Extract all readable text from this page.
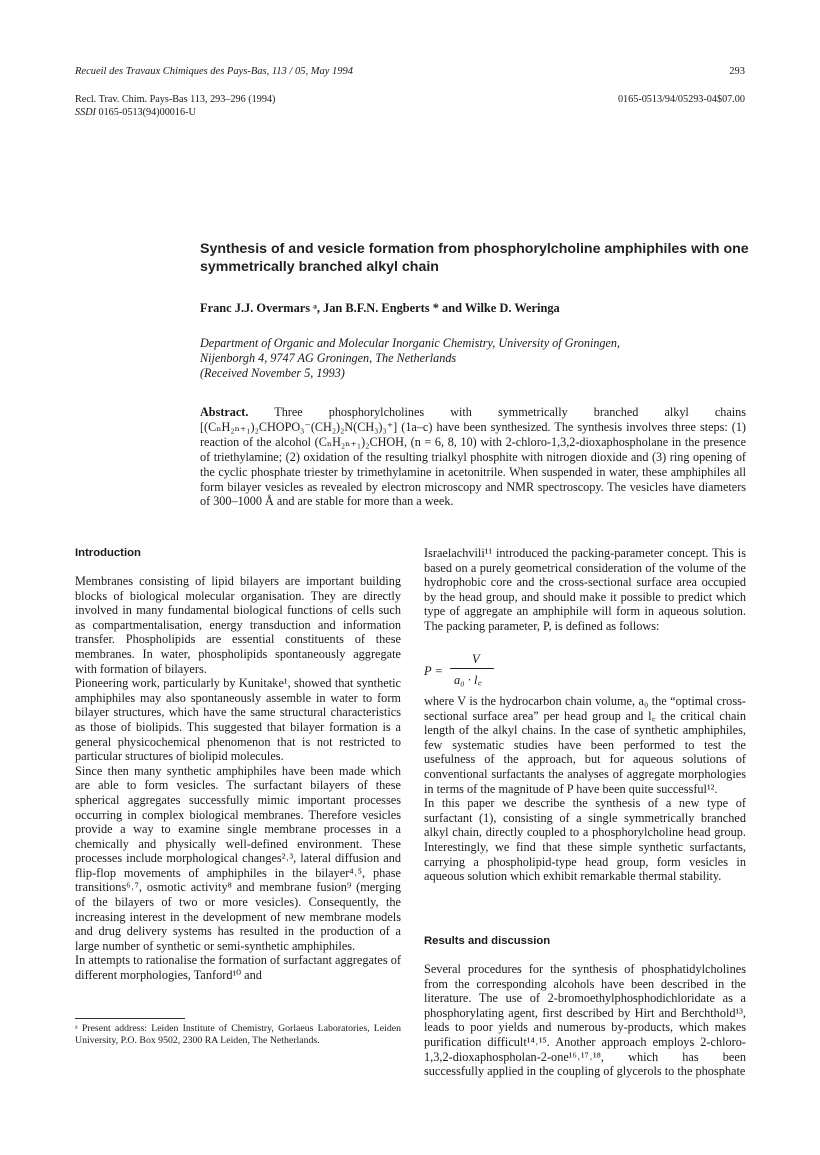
Recueil des Travaux Chimiques des Pays-Bas, 113 / 05, May 1994	293
Recl. Trav. Chim. Pays-Bas 113, 293–296 (1994)
SSDI 0165-0513(94)00016-U
0165-0513/94/05293-04$07.00
Synthesis of and vesicle formation from phosphorylcholine amphiphiles with one symmetrically branched alkyl chain
Franc J.J. Overmars ᵃ, Jan B.F.N. Engberts * and Wilke D. Weringa
Department of Organic and Molecular Inorganic Chemistry, University of Groningen,
Nijenborgh 4, 9747 AG Groningen, The Netherlands
(Received November 5, 1993)
Abstract. Three phosphorylcholines with symmetrically branched alkyl chains [(CₙH₂ₙ₊₁)₂CHOPO₃⁻(CH₂)₂N(CH₃)₃⁺] (1a–c) have been synthesized. The synthesis involves three steps: (1) reaction of the alcohol (CₙH₂ₙ₊₁)₂CHOH, (n = 6, 8, 10) with 2-chloro-1,3,2-dioxaphospholane in the presence of triethylamine; (2) oxidation of the resulting trialkyl phosphite with nitrogen dioxide and (3) ring opening of the cyclic phosphate triester by trimethylamine in acetonitrile. When suspended in water, these amphiphiles all form bilayer vesicles as revealed by electron microscopy and NMR spectroscopy. The vesicles have diameters of 300–1000 Å and are stable for more than a week.
Introduction

Membranes consisting of lipid bilayers are important building blocks of biological molecular organisation. They are directly involved in many fundamental biological functions of cells such as compartmentalisation, energy transduction and information transfer. Phospholipids are essential constituents of these membranes. In water, phospholipids spontaneously aggregate with formation of bilayers.

Pioneering work, particularly by Kunitake¹, showed that synthetic amphiphiles may also spontaneously assemble in water to form bilayer structures, which have the same structural characteristics as those of biolipids. This suggested that bilayer formation is a general physicochemical phenomenon that is not restricted to particular structures of biolipid molecules.

Since then many synthetic amphiphiles have been made which are able to form vesicles. The surfactant bilayers of these spherical aggregates successfully mimic important processes occurring in complex biological membranes. Therefore vesicles provide a way to examine single membrane processes in a chemically and physically well-defined environment. These processes include morphological changes²˒³, lateral diffusion and flip-flop movements of amphiphiles in the bilayer⁴˒⁵, phase transitions⁶˒⁷, osmotic activity⁸ and membrane fusion⁹ (merging of the bilayers of two or more vesicles). Consequently, the increasing interest in the development of new membrane models and drug delivery systems has resulted in the production of a large number of synthetic or semi-synthetic amphiphiles.

In attempts to rationalise the formation of surfactant aggregates of different morphologies, Tanford¹⁰ and

ᵃ Present address: Leiden Institute of Chemistry, Gorlaeus Laboratories, Leiden University, P.O. Box 9502, 2300 RA Leiden, The Netherlands.

Israelachvili¹¹ introduced the packing-parameter concept. This is based on a purely geometrical consideration of the volume of the hydrophobic core and the cross-sectional surface area occupied by the head group, and should make it possible to predict which type of aggregate an amphiphile will form in aqueous solution. The packing parameter, P, is defined as follows:

P =
V
a₀ · l꜀

where V is the hydrocarbon chain volume, a₀ the “optimal cross-sectional surface area” per head group and l꜀ the critical chain length of the alkyl chains. In the case of synthetic amphiphiles, few systematic studies have been performed to test the usefulness of the approach, but for aqueous solutions of conventional surfactants the analyses of aggregate morphologies in terms of the magnitude of P have been quite successful¹².

In this paper we describe the synthesis of a new type of surfactant (1), consisting of a single symmetrically branched alkyl chain, directly coupled to a phosphorylcholine head group. Interestingly, we find that these simple synthetic surfactants, carrying a phospholipid-type head group, form vesicles in aqueous solution which exhibit remarkable thermal stability.

Results and discussion

Several procedures for the synthesis of phosphatidylcholines from the corresponding alcohols have been described in the literature. The use of 2-bromoethylphosphodichloridate as a phosphorylating agent, first described by Hirt and Berchthold¹³, leads to poor yields and numerous by-products, which makes purification difficult¹⁴˒¹⁵. Another approach employs 2-chloro-1,3,2-dioxaphospholan-2-one¹⁶˒¹⁷˒¹⁸, which has been successfully applied in the coupling of glycerols to the phosphate
